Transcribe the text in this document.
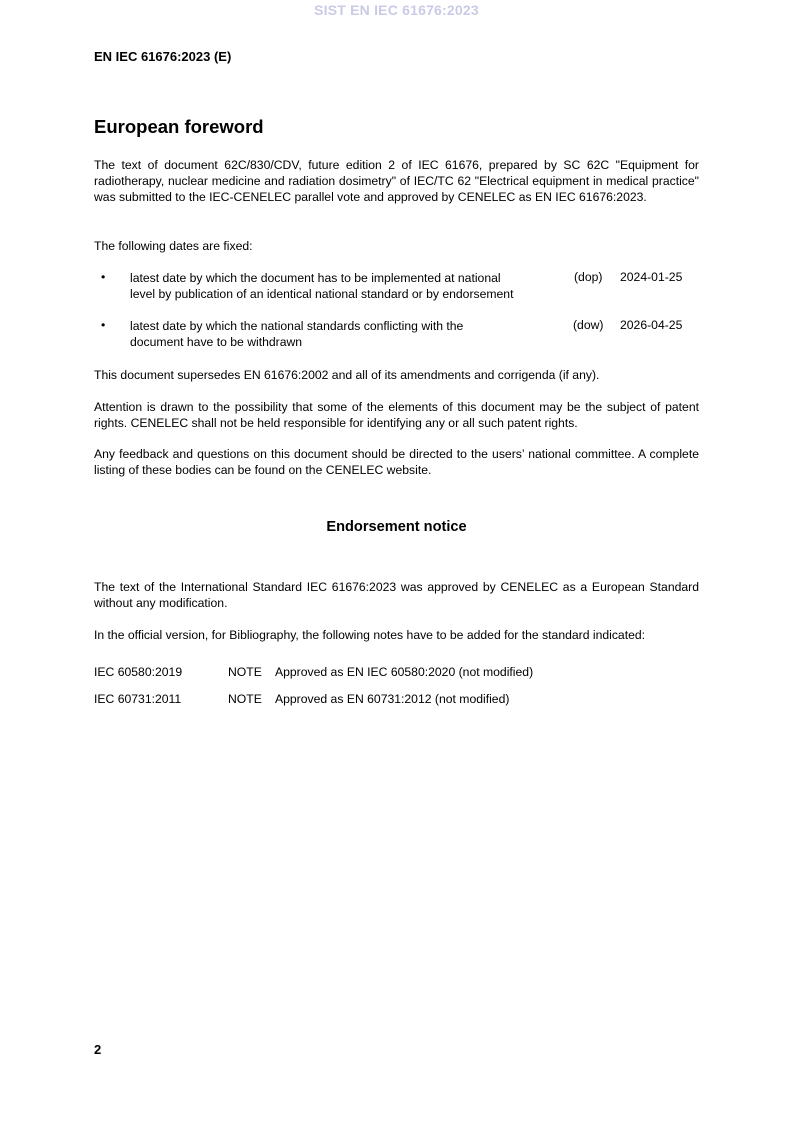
SIST EN IEC 61676:2023
EN IEC 61676:2023 (E)
European foreword
The text of document 62C/830/CDV, future edition 2 of IEC 61676, prepared by SC 62C "Equipment for radiotherapy, nuclear medicine and radiation dosimetry" of IEC/TC 62 "Electrical equipment in medical practice" was submitted to the IEC-CENELEC parallel vote and approved by CENELEC as EN IEC 61676:2023.
The following dates are fixed:
• latest date by which the document has to be implemented at national
level by publication of an identical national standard or by endorsement
(dop) 2024-01-25
• latest date by which the national standards conflicting with the
document have to be withdrawn
(dow) 2026-04-25
This document supersedes EN 61676:2002 and all of its amendments and corrigenda (if any).
Attention is drawn to the possibility that some of the elements of this document may be the subject of patent rights. CENELEC shall not be held responsible for identifying any or all such patent rights.
Any feedback and questions on this document should be directed to the users’ national committee. A complete listing of these bodies can be found on the CENELEC website.
Endorsement notice
The text of the International Standard IEC 61676:2023 was approved by CENELEC as a European Standard without any modification.
In the official version, for Bibliography, the following notes have to be added for the standard indicated:
IEC 60580:2019	NOTE Approved as EN IEC 60580:2020 (not modified)
IEC 60731:2011	NOTE Approved as EN 60731:2012 (not modified)
2
